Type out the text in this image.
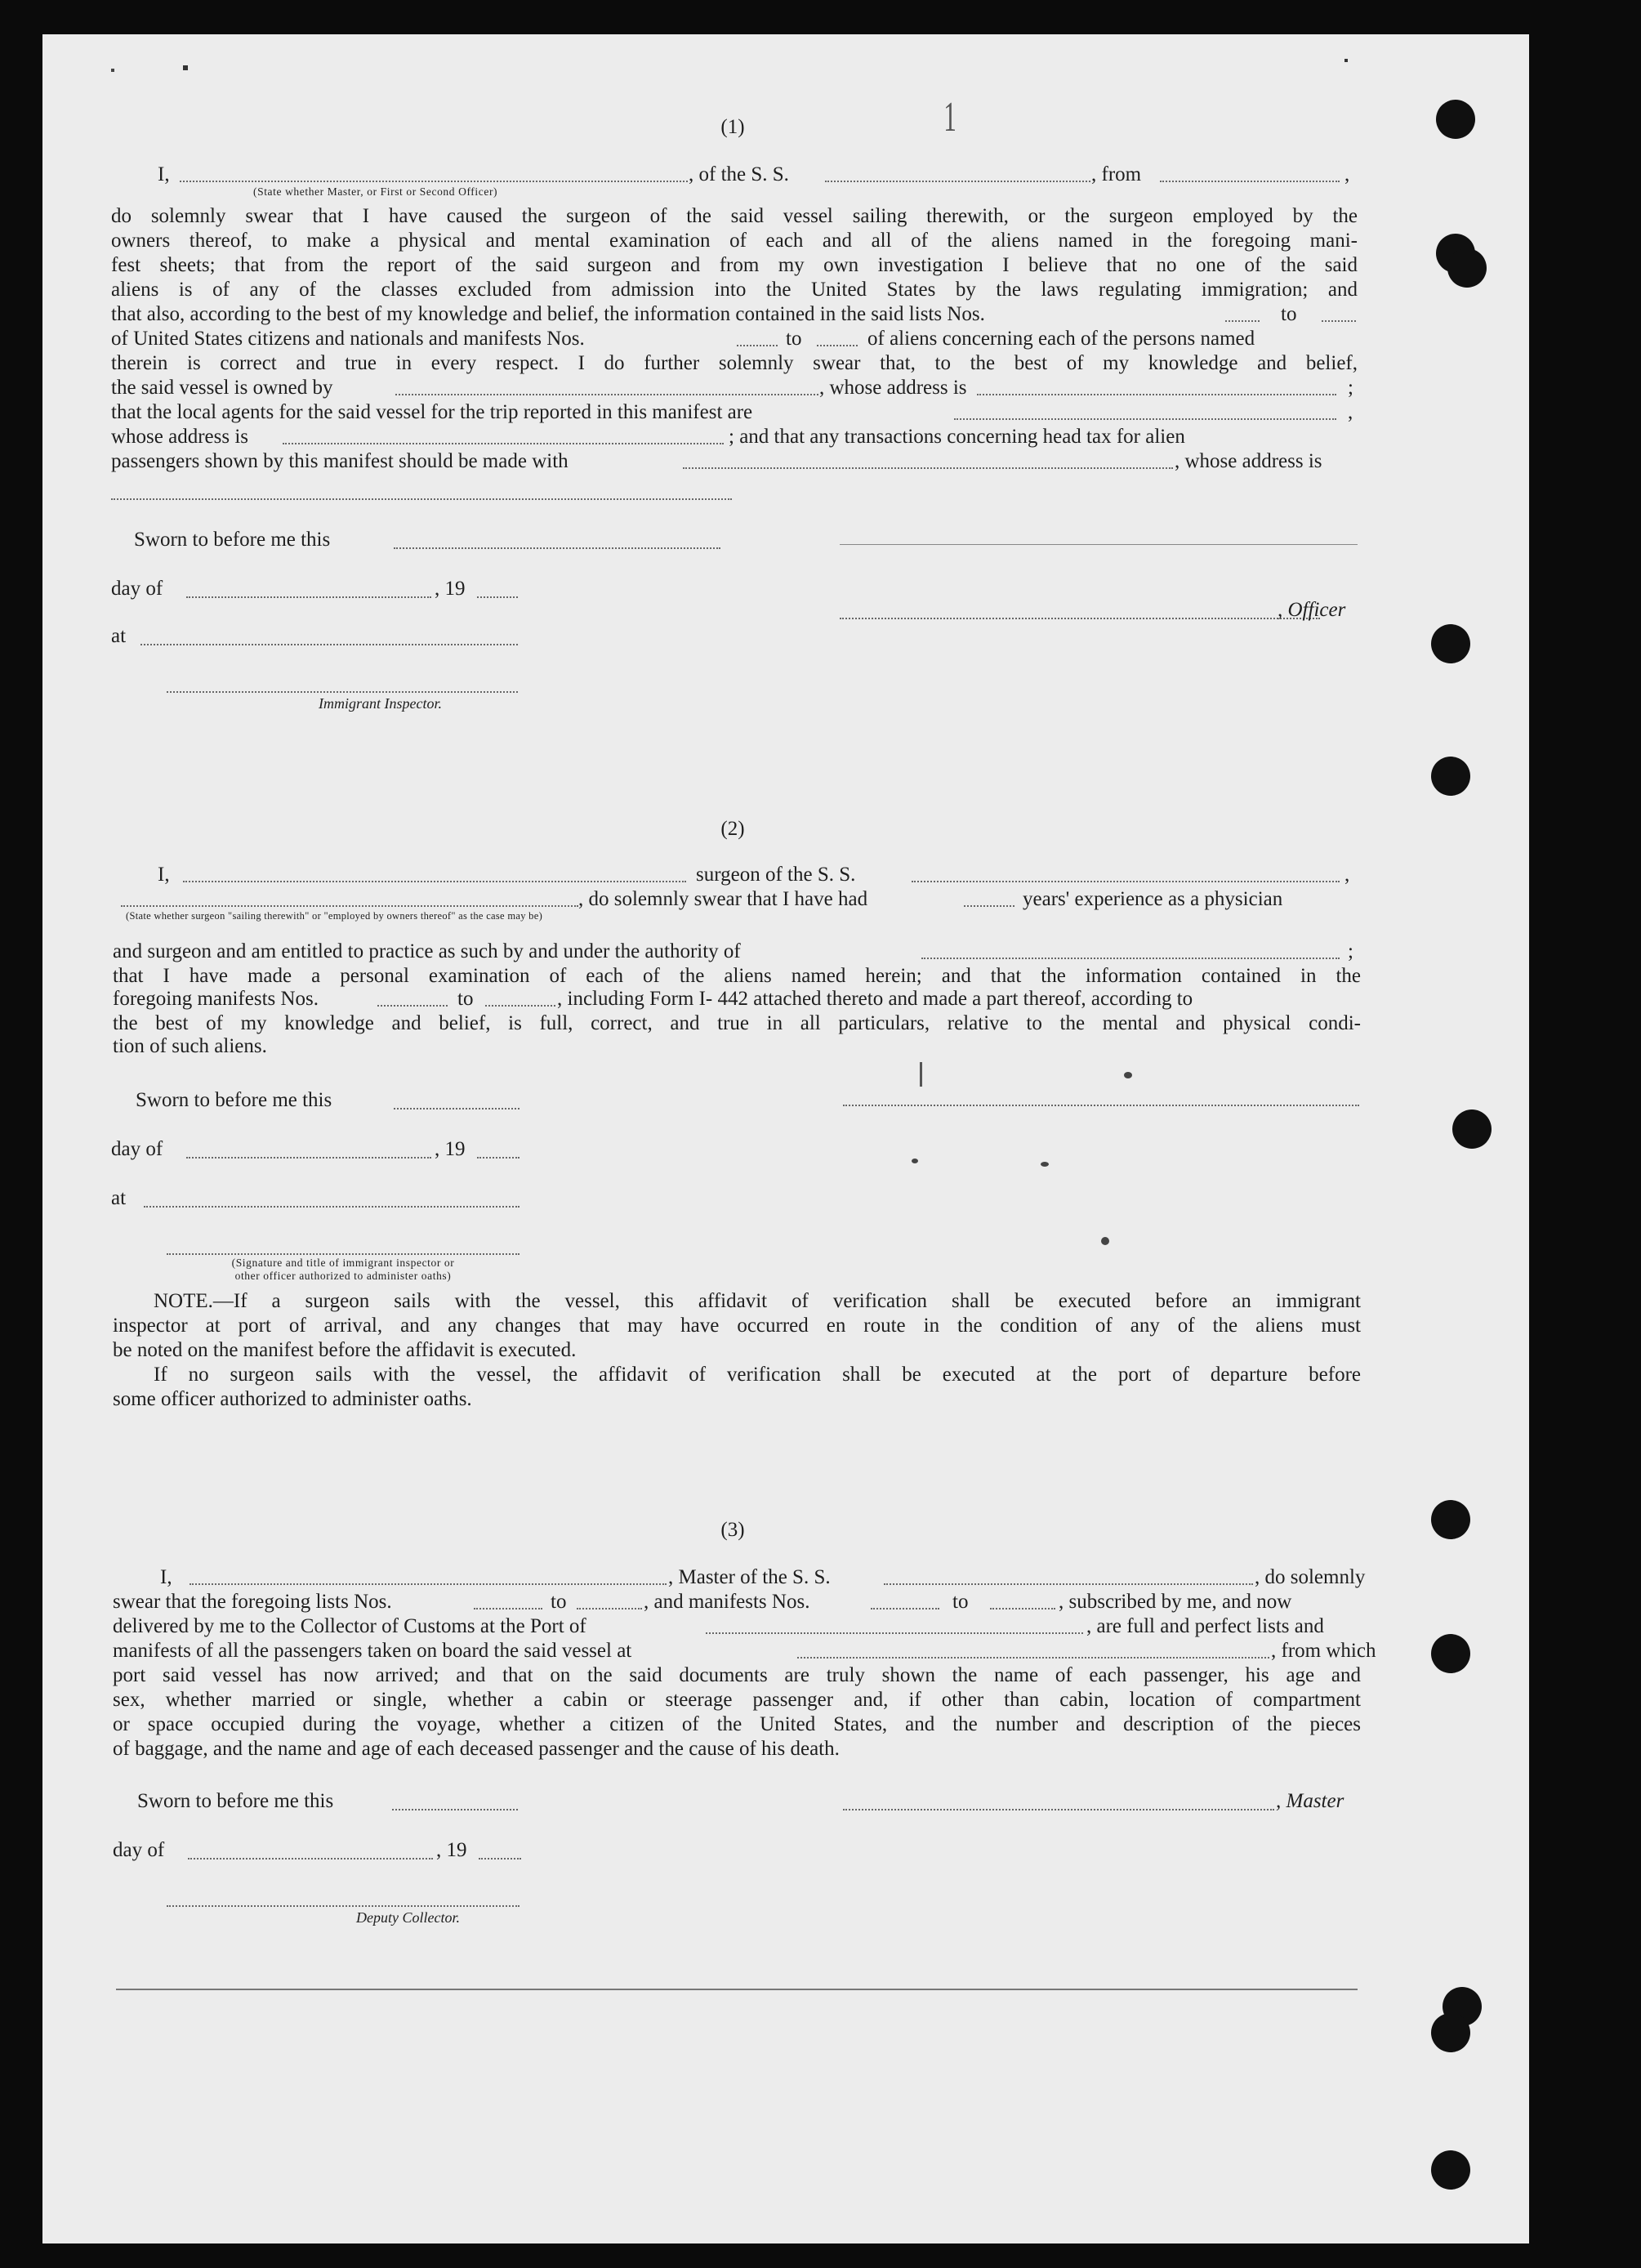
1
(1)
I,	, of the S. S.	, from	,
(State whether Master, or First or Second Officer)
do solemnly swear that I have caused the surgeon of the said vessel sailing therewith, or the surgeon employed by the
owners thereof, to make a physical and mental examination of each and all of the aliens named in the foregoing mani-
fest sheets; that from the report of the said surgeon and from my own investigation I believe that no one of the said
aliens is of any of the classes excluded from admission into the United States by the laws regulating immigration; and
that also, according to the best of my knowledge and belief, the information contained in the said lists Nos.	to
of United States citizens and nationals and manifests Nos.	to	of aliens concerning each of the persons named
therein is correct and true in every respect. I do further solemnly swear that, to the best of my knowledge and belief,
the said vessel is owned by	, whose address is	;
that the local agents for the said vessel for the trip reported in this manifest are	,
whose address is	; and that any transactions concerning head tax for alien
passengers shown by this manifest should be made with	, whose address is
Sworn to before me this
day of	, 19
, Officer
at
Immigrant Inspector.
(2)
I,	surgeon of the S. S.	,
, do solemnly swear that I have had	years' experience as a physician
(State whether surgeon "sailing therewith" or "employed by owners thereof" as the case may be)
and surgeon and am entitled to practice as such by and under the authority of	;
that I have made a personal examination of each of the aliens named herein; and that the information contained in the
foregoing manifests Nos.	to	, including Form I- 442 attached thereto and made a part thereof, according to
the best of my knowledge and belief, is full, correct, and true in all particulars, relative to the mental and physical condi-
tion of such aliens.
Sworn to before me this
day of	, 19
at
(Signature and title of immigrant inspector or
other officer authorized to administer oaths)
NOTE.—If a surgeon sails with the vessel, this affidavit of verification shall be executed before an immigrant
inspector at port of arrival, and any changes that may have occurred en route in the condition of any of the aliens must
be noted on the manifest before the affidavit is executed.
If no surgeon sails with the vessel, the affidavit of verification shall be executed at the port of departure before
some officer authorized to administer oaths.
(3)
I,	, Master of the S. S.	, do solemnly
swear that the foregoing lists Nos.	to	, and manifests Nos.	to	, subscribed by me, and now
delivered by me to the Collector of Customs at the Port of	, are full and perfect lists and
manifests of all the passengers taken on board the said vessel at	, from which
port said vessel has now arrived; and that on the said documents are truly shown the name of each passenger, his age and
sex, whether married or single, whether a cabin or steerage passenger and, if other than cabin, location of compartment
or space occupied during the voyage, whether a citizen of the United States, and the number and description of the pieces
of baggage, and the name and age of each deceased passenger and the cause of his death.
Sworn to before me this	, Master
day of	, 19
Deputy Collector.
